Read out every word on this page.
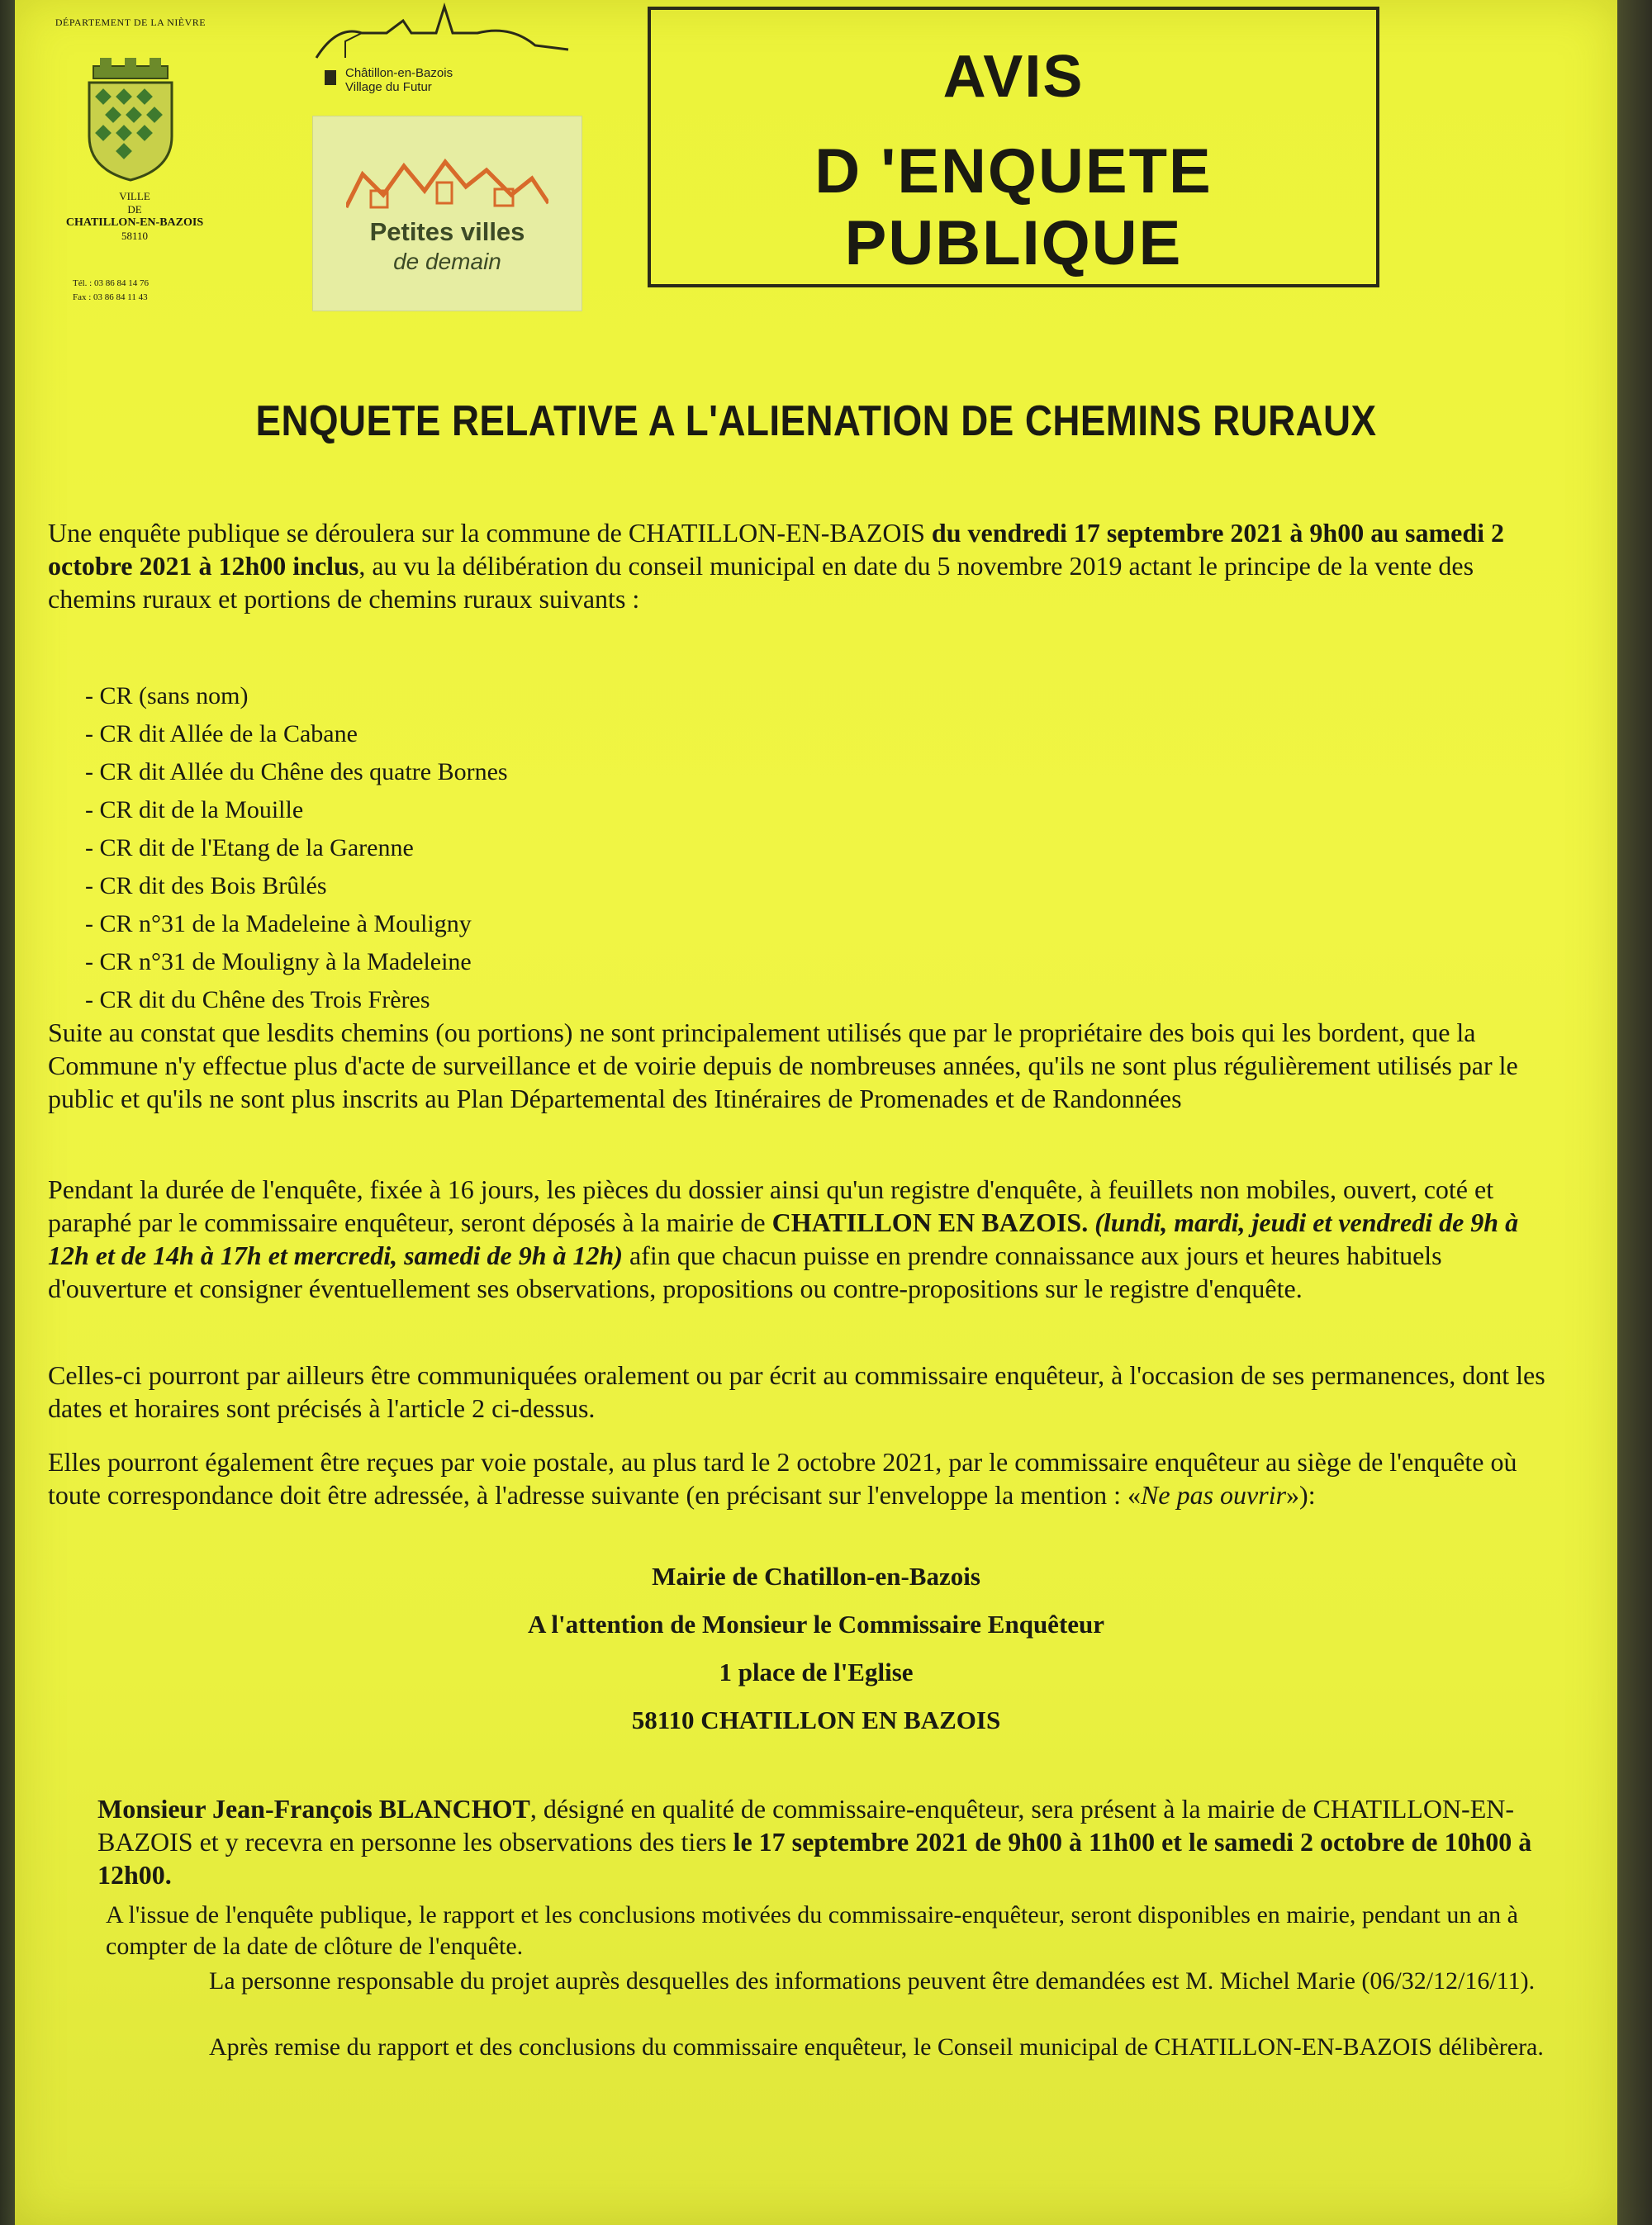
DÉPARTEMENT DE LA NIÈVRE
VILLE
DE
CHATILLON-EN-BAZOIS
58110
Tél. : 03 86 84 14 76
Fax : 03 86 84 11 43
Châtillon-en-Bazois
Village du Futur
Petites villes
de demain
AVIS
D 'ENQUETE PUBLIQUE
ENQUETE RELATIVE A L'ALIENATION DE CHEMINS RURAUX

Une enquête publique se déroulera sur la commune de CHATILLON-EN-BAZOIS du vendredi 17 septembre 2021 à 9h00 au samedi 2 octobre 2021 à 12h00 inclus, au vu la délibération du conseil municipal en date du 5 novembre 2019 actant le principe de la vente des chemins ruraux et portions de chemins ruraux suivants :

- CR (sans nom)
- CR dit Allée de la Cabane
- CR dit Allée du Chêne des quatre Bornes
- CR dit de la Mouille
- CR dit de l'Etang de la Garenne
- CR dit des Bois Brûlés
- CR n°31 de la Madeleine à Mouligny
- CR n°31 de Mouligny à la Madeleine
- CR dit du Chêne des Trois Frères

Suite au constat que lesdits chemins (ou portions) ne sont principalement utilisés que par le propriétaire des bois qui les bordent, que la Commune n'y effectue plus d'acte de surveillance et de voirie depuis de nombreuses années, qu'ils ne sont plus régulièrement utilisés par le public et qu'ils ne sont plus inscrits au Plan Départemental des Itinéraires de Promenades et de Randonnées

Pendant la durée de l'enquête, fixée à 16 jours, les pièces du dossier ainsi qu'un registre d'enquête, à feuillets non mobiles, ouvert, coté et paraphé par le commissaire enquêteur, seront déposés à la mairie de CHATILLON EN BAZOIS. (lundi, mardi, jeudi et vendredi de 9h à 12h et de 14h à 17h et mercredi, samedi de 9h à 12h) afin que chacun puisse en prendre connaissance aux jours et heures habituels d'ouverture et consigner éventuellement ses observations, propositions ou contre-propositions sur le registre d'enquête.

Celles-ci pourront par ailleurs être communiquées oralement ou par écrit au commissaire enquêteur, à l'occasion de ses permanences, dont les dates et horaires sont précisés à l'article 2 ci-dessus.

Elles pourront également être reçues par voie postale, au plus tard le 2 octobre 2021, par le commissaire enquêteur au siège de l'enquête où toute correspondance doit être adressée, à l'adresse suivante (en précisant sur l'enveloppe la mention : «Ne pas ouvrir»):

Mairie de Chatillon-en-Bazois
A l'attention de Monsieur le Commissaire Enquêteur
1 place de l'Eglise
58110 CHATILLON EN BAZOIS

Monsieur Jean-François BLANCHOT, désigné en qualité de commissaire-enquêteur, sera présent à la mairie de CHATILLON-EN-BAZOIS et y recevra en personne les observations des tiers le 17 septembre 2021 de 9h00 à 11h00 et le samedi 2 octobre de 10h00 à 12h00.

A l'issue de l'enquête publique, le rapport et les conclusions motivées du commissaire-enquêteur, seront disponibles en mairie, pendant un an à compter de la date de clôture de l'enquête.

La personne responsable du projet auprès desquelles des informations peuvent être demandées est M. Michel Marie (06/32/12/16/11).

Après remise du rapport et des conclusions du commissaire enquêteur, le Conseil municipal de CHATILLON-EN-BAZOIS délibèrera.
